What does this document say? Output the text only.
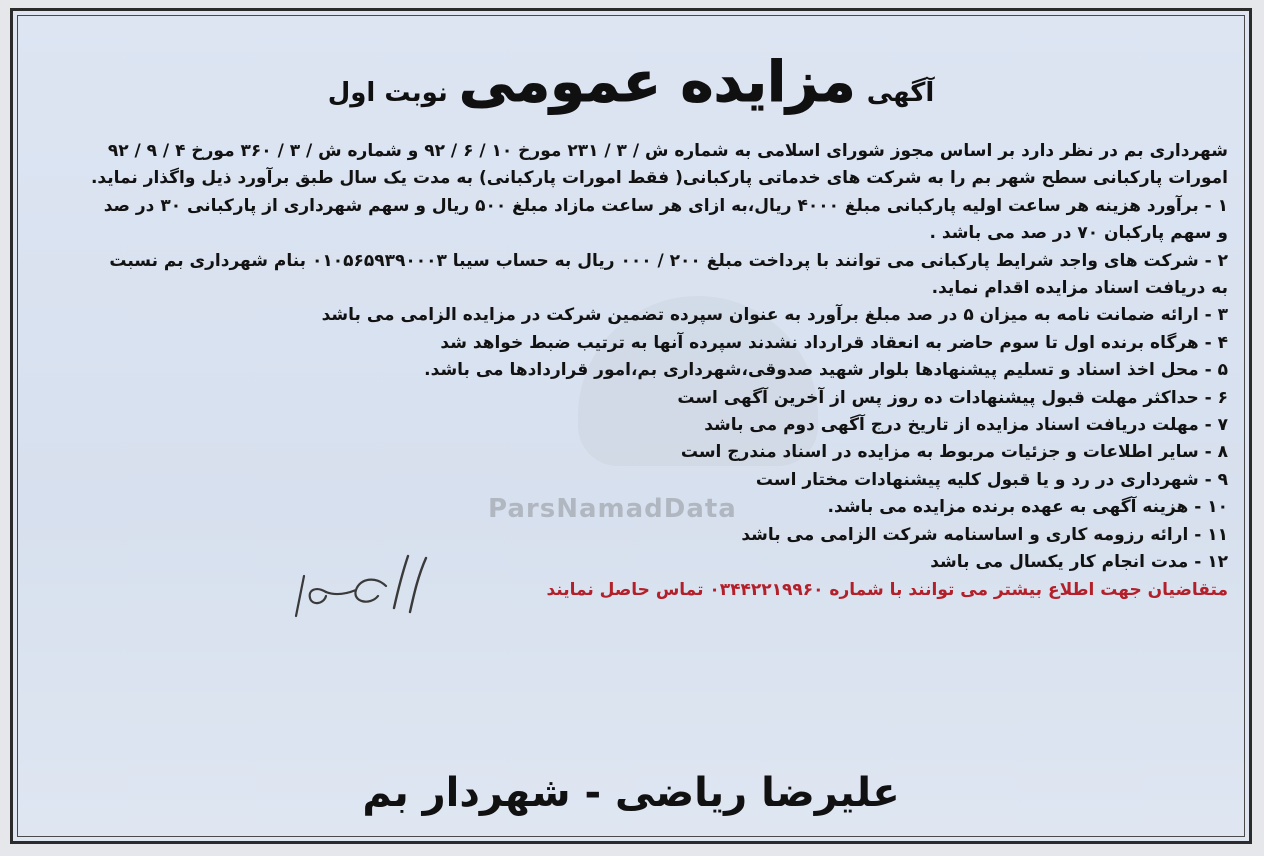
ParsNamadData
آگهی مزایده عمومی نوبت اول

شهرداری بم در نظر دارد بر اساس مجوز شورای اسلامی به شماره ش / ۳ / ۲۳۱ مورخ ۱۰ / ۶ / ۹۲ و شماره ش / ۳ / ۳۶۰ مورخ ۴ / ۹ / ۹۲

امورات پارکبانی سطح شهر بم را به شرکت های خدماتی پارکبانی( فقط امورات پارکبانی) به مدت یک سال طبق برآورد ذیل واگذار نماید.

۱ - برآورد هزینه هر ساعت اولیه پارکبانی مبلغ ۴۰۰۰ ریال،به ازای هر ساعت مازاد مبلغ ۵۰۰ ریال و سهم شهرداری از پارکبانی ۳۰ در صد

و سهم پارکبان ۷۰ در صد می باشد .

۲ - شرکت های واجد شرایط پارکبانی می توانند با پرداخت مبلغ ۲۰۰ / ۰۰۰ ریال به حساب سیبا ۰۱۰۵۶۵۹۳۹۰۰۰۳ بنام شهرداری بم نسبت

به دریافت اسناد مزایده اقدام نماید.

۳ - ارائه ضمانت نامه به میزان ۵ در صد مبلغ برآورد به عنوان سپرده تضمین شرکت در مزایده الزامی می باشد

۴ - هرگاه برنده اول تا سوم حاضر به انعقاد قرارداد نشدند سپرده آنها به ترتیب ضبط خواهد شد

۵ - محل اخذ اسناد و تسلیم پیشنهادها بلوار شهید صدوقی،شهرداری بم،امور قراردادها می باشد.

۶ - حداکثر مهلت قبول پیشنهادات ده روز پس از آخرین آگهی است

۷ - مهلت دریافت اسناد مزایده از تاریخ درج آگهی دوم می باشد

۸ - سایر اطلاعات و جزئیات مربوط به مزایده در اسناد مندرج است

۹ - شهرداری در رد و یا قبول کلیه پیشنهادات مختار است

۱۰ - هزینه آگهی به عهده برنده مزایده می باشد.

۱۱ - ارائه رزومه کاری و اساسنامه شرکت الزامی می باشد

۱۲ - مدت انجام کار یکسال می باشد

متقاضیان جهت اطلاع بیشتر می توانند با شماره ۰۳۴۴۲۲۱۹۹۶۰ تماس حاصل نمایند

علیرضا ریاضی - شهردار بم
